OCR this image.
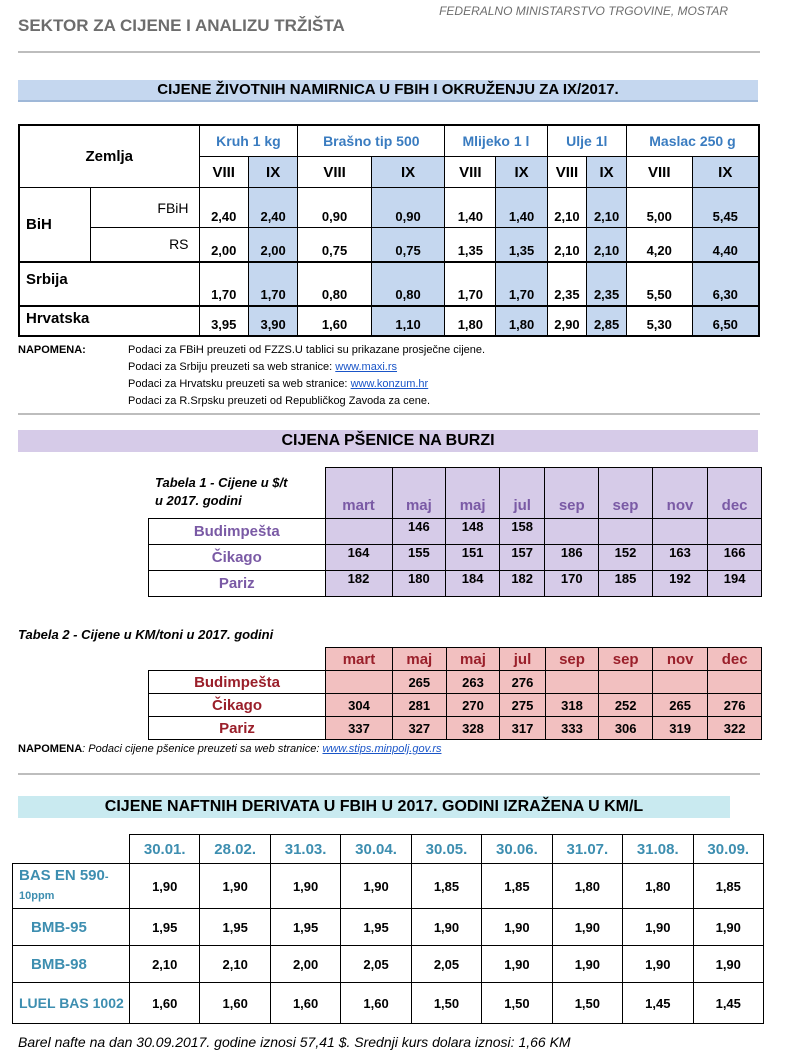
SEKTOR ZA CIJENE I ANALIZU TRŽIŠTA
FEDERALNO MINISTARSTVO TRGOVINE, MOSTAR
CIJENE ŽIVOTNIH NAMIRNICA U FBIH I OKRUŽENJU ZA IX/2017.
Zemlja		Kruh 1 kg		Brašno tip 500		Mlijeko 1 l		Ulje 1l		Maslac 250 g	
		VIII	IX	VIII	IX	VIII	IX	VIII	IX	VIII	IX
BiH	FBiH	2,40	2,40	0,90	0,90	1,40	1,40	2,10	2,10	5,00	5,45
	RS	2,00	2,00	0,75	0,75	1,35	1,35	2,10	2,10	4,20	4,40
Srbija		1,70	1,70	0,80	0,80	1,70	1,70	2,35	2,35	5,50	6,30
Hrvatska		3,95	3,90	1,60	1,10	1,80	1,80	2,90	2,85	5,30	6,50
NAPOMENA:	Podaci za FBiH preuzeti od FZZS.U tablici su prikazane prosječne cijene.
Podaci za Srbiju preuzeti sa web stranice: www.maxi.rs
Podaci za Hrvatsku preuzeti sa web stranice: www.konzum.hr
Podaci za R.Srpsku preuzeti od Republičkog Zavoda za cene.
CIJENA PŠENICE NA BURZI
Tabela 1 - Cijene u $/t
u 2017. godini
		mart	maj	maj	jul	sep	sep	nov	dec
Budimpešta		146	148	158				
Čikago	164	155	151	157	186	152	163	166
Pariz	182	180	184	182	170	185	192	194
Tabela 2 - Cijene u KM/toni u 2017. godini
	mart	maj	maj	jul	sep	sep	nov	dec
Budimpešta		265	263	276				
Čikago	304	281	270	275	318	252	265	276
Pariz	337	327	328	317	333	306	319	322
NAPOMENA: Podaci cijene pšenice preuzeti sa web stranice: www.stips.minpolj.gov.rs
CIJENE NAFTNIH DERIVATA U FBIH U 2017. GODINI IZRAŽENA U KM/L
	30.01.	28.02.	31.03.	30.04.	30.05.	30.06.	31.07.	31.08.	30.09.
BAS EN 590-10ppm	1,90	1,90	1,90	1,90	1,85	1,85	1,80	1,80	1,85
BMB-95	1,95	1,95	1,95	1,95	1,90	1,90	1,90	1,90	1,90
BMB-98	2,10	2,10	2,00	2,05	2,05	1,90	1,90	1,90	1,90
LUEL BAS 1002	1,60	1,60	1,60	1,60	1,50	1,50	1,50	1,45	1,45
Barel nafte na dan 30.09.2017. godine iznosi 57,41 $. Srednji kurs dolara iznosi: 1,66 KM
